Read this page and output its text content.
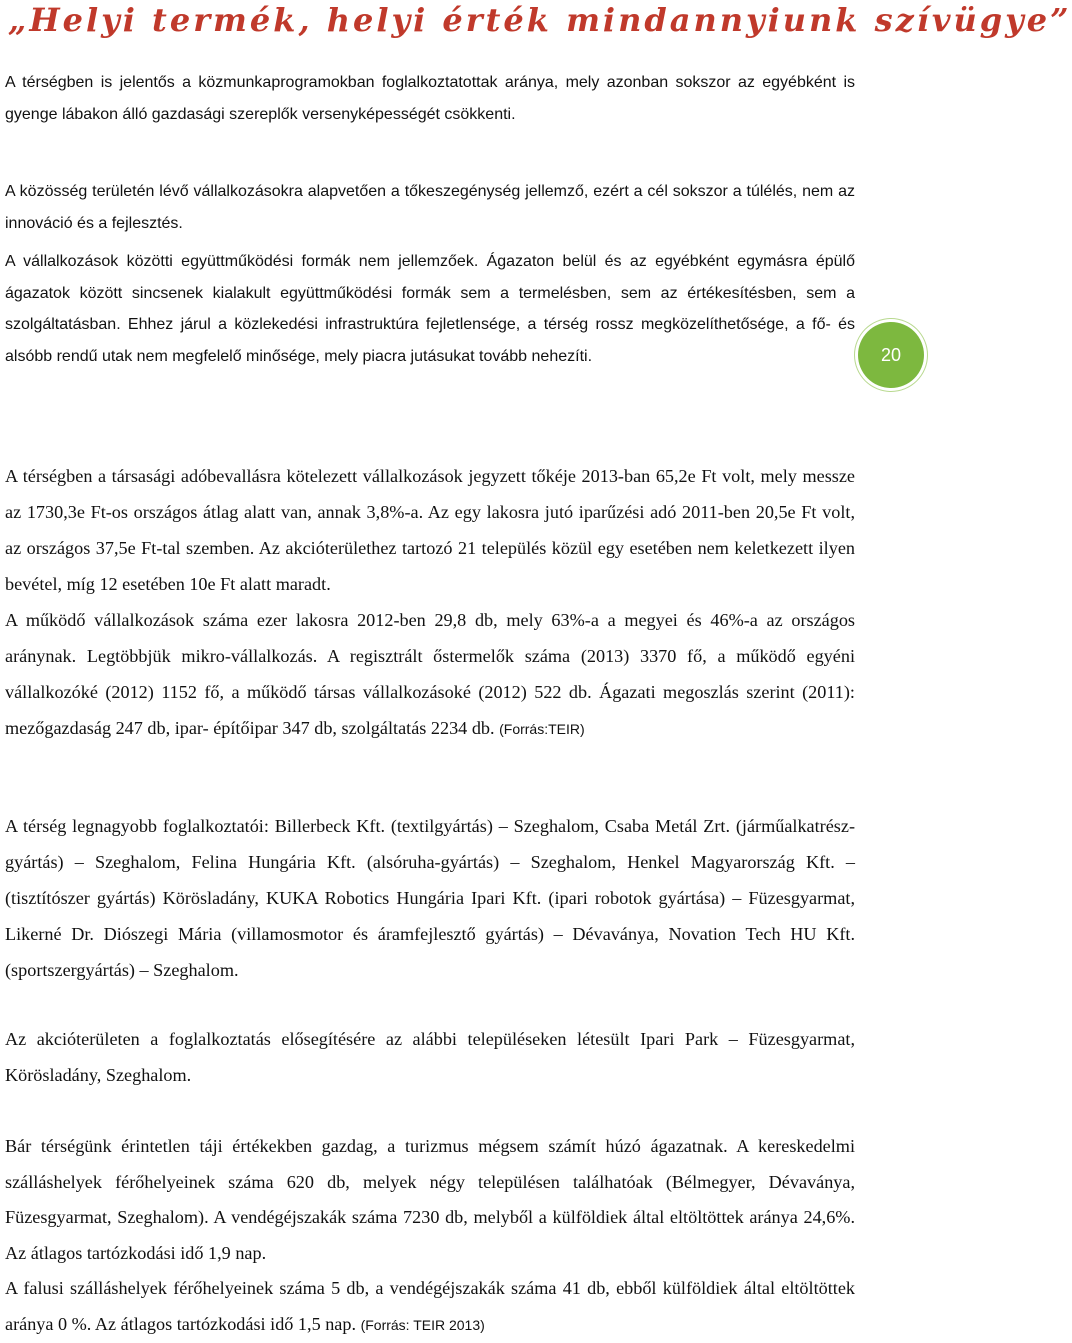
„Helyi termék, helyi érték mindannyiunk szívügye”
20

A térségben is jelentős a közmunkaprogramokban foglalkoztatottak aránya, mely azonban sokszor az egyébként is gyenge lábakon álló gazdasági szereplők versenyképességét csökkenti.

A közösség területén lévő vállalkozásokra alapvetően a tőkeszegénység jellemző, ezért a cél sokszor a túlélés, nem az innováció és a fejlesztés.

A vállalkozások közötti együttműködési formák nem jellemzőek. Ágazaton belül és az egyébként egymásra épülő ágazatok között sincsenek kialakult együttműködési formák sem a termelésben, sem az értékesítésben, sem a szolgáltatásban. Ehhez járul a közlekedési infrastruktúra fejletlensége, a térség rossz megközelíthetősége, a fő- és alsóbb rendű utak nem megfelelő minősége, mely piacra jutásukat tovább nehezíti.

A térségben a társasági adóbevallásra kötelezett vállalkozások jegyzett tőkéje 2013-ban 65,2e Ft volt, mely messze az 1730,3e Ft-os országos átlag alatt van, annak 3,8%-a. Az egy lakosra jutó iparűzési adó 2011-ben 20,5e Ft volt, az országos 37,5e Ft-tal szemben. Az akcióterülethez tartozó 21 település közül egy esetében nem keletkezett ilyen bevétel, míg 12 esetében 10e Ft alatt maradt.

A működő vállalkozások száma ezer lakosra 2012-ben 29,8 db, mely 63%-a a megyei és 46%-a az országos aránynak. Legtöbbjük mikro-vállalkozás. A regisztrált őstermelők száma (2013) 3370 fő, a működő egyéni vállalkozóké (2012) 1152 fő, a működő társas vállalkozásoké (2012) 522 db. Ágazati megoszlás szerint (2011): mezőgazdaság 247 db, ipar- építőipar 347 db, szolgáltatás 2234 db. (Forrás:TEIR)

A térség legnagyobb foglalkoztatói: Billerbeck Kft. (textilgyártás) – Szeghalom, Csaba Metál Zrt. (járműalkatrész-gyártás) – Szeghalom, Felina Hungária Kft. (alsóruha-gyártás) – Szeghalom, Henkel Magyarország Kft. – (tisztítószer gyártás) Körösladány, KUKA Robotics Hungária Ipari Kft. (ipari robotok gyártása) – Füzesgyarmat, Likerné Dr. Diószegi Mária (villamosmotor és áramfejlesztő gyártás) – Dévaványa, Novation Tech HU Kft. (sportszergyártás) – Szeghalom.

Az akcióterületen a foglalkoztatás elősegítésére az alábbi településeken létesült Ipari Park – Füzesgyarmat, Körösladány, Szeghalom.

Bár térségünk érintetlen táji értékekben gazdag, a turizmus mégsem számít húzó ágazatnak. A kereskedelmi szálláshelyek férőhelyeinek száma 620 db, melyek négy településen találhatóak (Bélmegyer, Dévaványa, Füzesgyarmat, Szeghalom). A vendégéjszakák száma 7230 db, melyből a külföldiek által eltöltöttek aránya 24,6%. Az átlagos tartózkodási idő 1,9 nap.

A falusi szálláshelyek férőhelyeinek száma 5 db, a vendégéjszakák száma 41 db, ebből külföldiek által eltöltöttek aránya 0 %. Az átlagos tartózkodási idő 1,5 nap. (Forrás: TEIR 2013)
